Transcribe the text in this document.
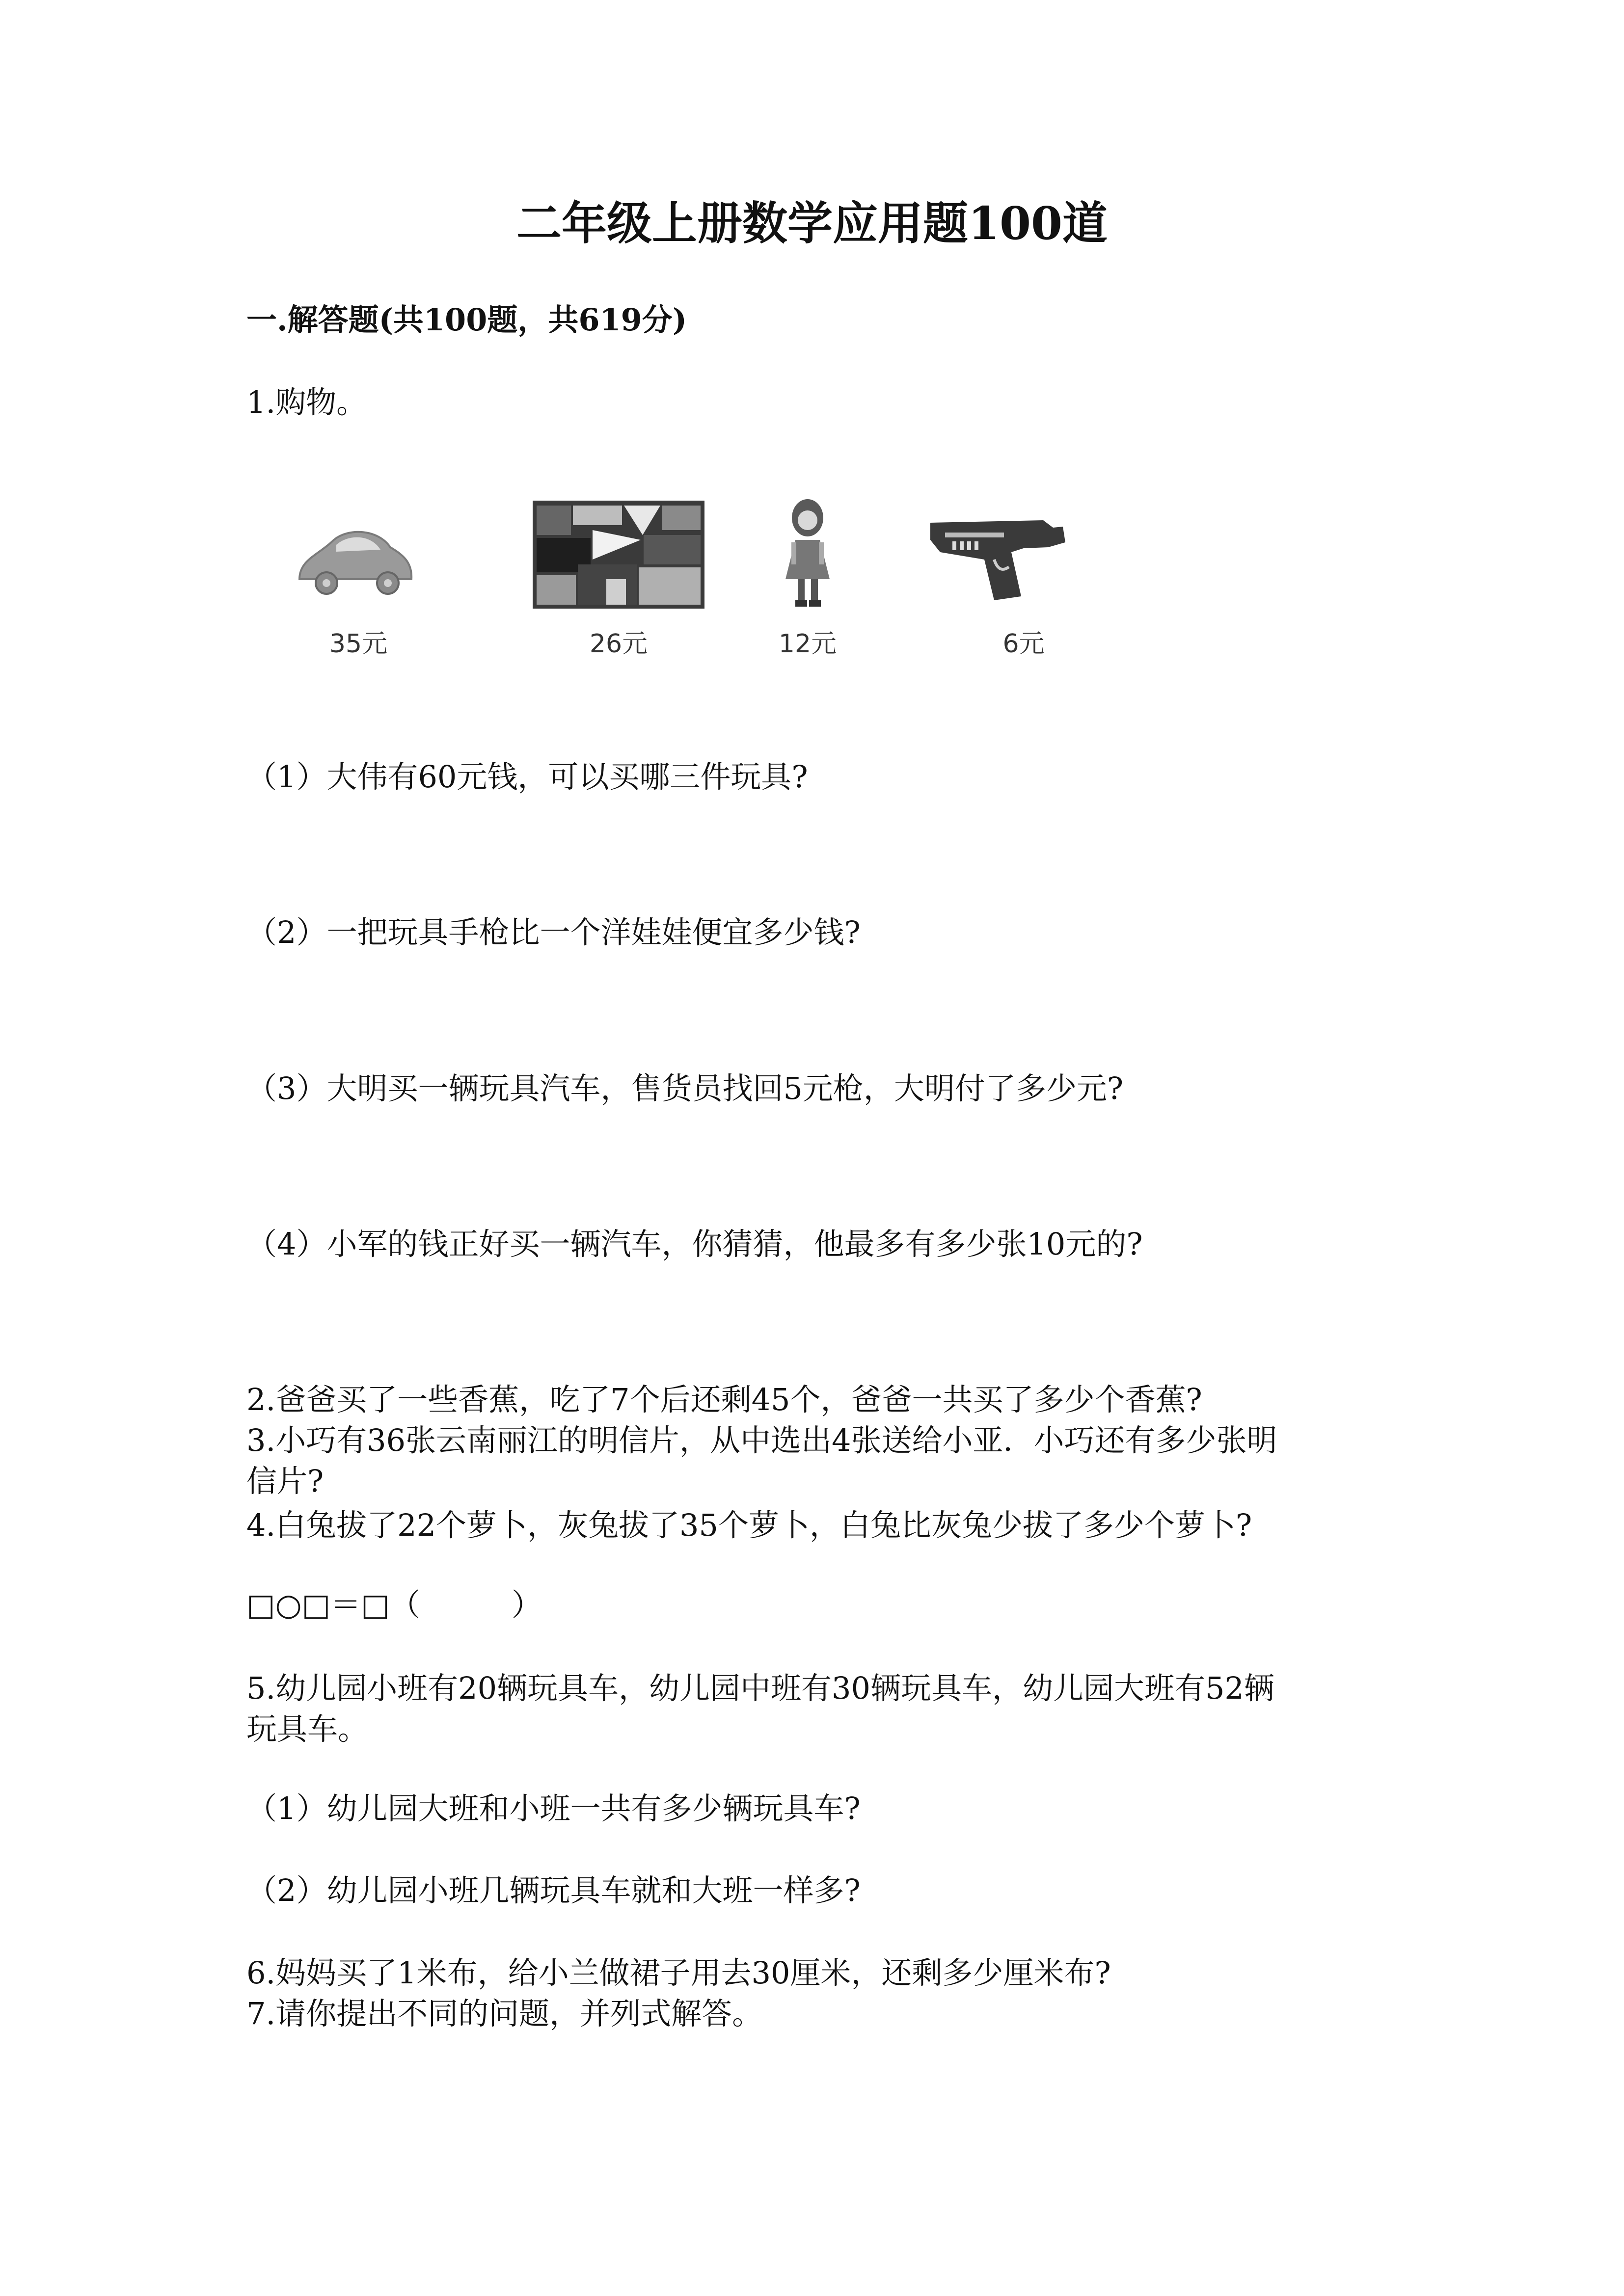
二年级上册数学应用题100道
一.解答题(共100题，共619分)
1.购物。
35元	26元	12元	6元
（1）大伟有60元钱，可以买哪三件玩具?
（2）一把玩具手枪比一个洋娃娃便宜多少钱?
（3）大明买一辆玩具汽车，售货员找回5元枪，大明付了多少元?
（4）小军的钱正好买一辆汽车，你猜猜，他最多有多少张10元的?
2.爸爸买了一些香蕉，吃了7个后还剩45个，爸爸一共买了多少个香蕉?
3.小巧有36张云南丽江的明信片，从中选出4张送给小亚．小巧还有多少张明
信片?
4.白兔拔了22个萝卜，灰兔拔了35个萝卜，白兔比灰兔少拔了多少个萝卜?
□○□＝□（　　　）
5.幼儿园小班有20辆玩具车，幼儿园中班有30辆玩具车，幼儿园大班有52辆
玩具车。
（1）幼儿园大班和小班一共有多少辆玩具车?
（2）幼儿园小班几辆玩具车就和大班一样多?
6.妈妈买了1米布，给小兰做裙子用去30厘米，还剩多少厘米布?
7.请你提出不同的问题，并列式解答。
